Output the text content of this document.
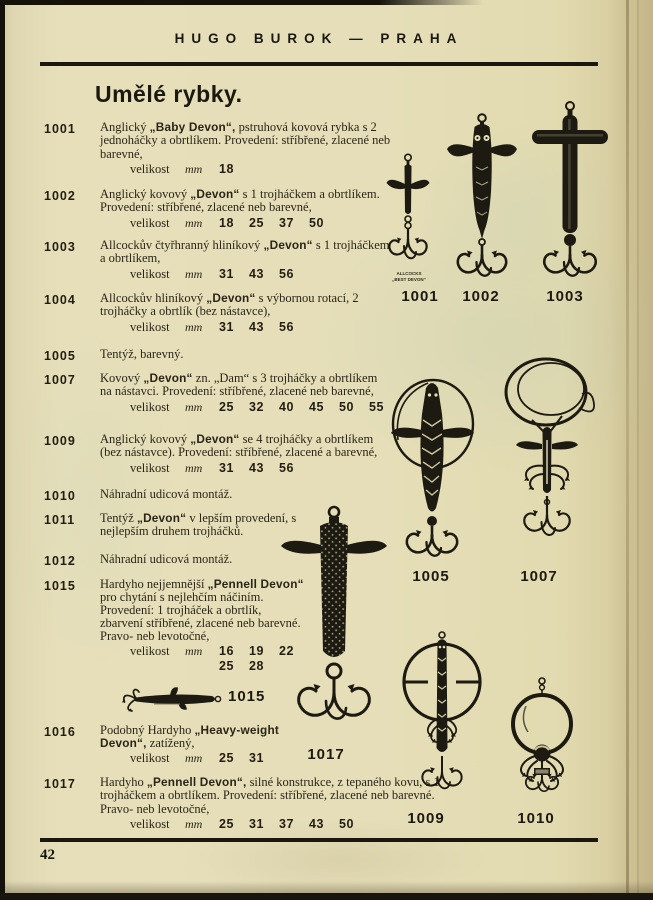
HUGO BUROK — PRAHA
Umělé rybky.
1001 Anglický „Baby Devon“, pstruhová kovová rybka s 2 jednoháčky a obrtlíkem. Provedení: stříbřené, zlacené neb barevné,
velikost mm 18
1002 Anglický kovový „Devon“ s 1 trojháčkem a obrtlíkem. Provedení: stříbřené, zlacené neb barevné,
velikost mm 18 25 37 50
1003 Allcockův čtyřhranný hliníkový „Devon“ s 1 trojháčkem a obrtlíkem,
velikost mm 31 43 56
1004 Allcockův hliníkový „Devon“ s výbornou rotací, 2 trojháčky a obrtlík (bez nástavce),
velikost mm 31 43 56
1005 Tentýž, barevný.
1007 Kovový „Devon“ zn. „Dam“ s 3 trojháčky a obrtlíkem na nástavci. Provedení: stříbřené, zlacené neb barevné,
velikost mm 25 32 40 45 50 55
1009 Anglický kovový „Devon“ se 4 trojháčky a obrtlíkem (bez nástavce). Provedení: stříbřené, zlacené a barevné,
velikost mm 31 43 56
1010 Náhradní udicová montáž.
1011 Tentýž „Devon“ v lepším provedení, s nejlepším druhem trojháčků.
1012 Náhradní udicová montáž.
1015 Hardyho nejjemnější „Pennell Devon“ pro chytání s nejlehčím náčiním. Provedení: 1 trojháček a obrtlík, zbarvení stříbřené, zlacené neb barevné. Pravo- neb levotočné,
velikost mm 16 19 22
25 28
1016 Podobný Hardyho „Heavy-weight Devon“, zatížený,
velikost mm 25 31
1017 Hardyho „Pennell Devon“, silné konstrukce, z tepaného kovu, s 1 trojháčkem a obrtlíkem. Provedení: stříbřené, zlacené neb barevné. Pravo- neb levotočné,
velikost mm 25 31 37 43 50
ALLCOCKS
„BEST DEVON“
1001	1002	1003
1005	1007
1017
1009	1010
1015
42
